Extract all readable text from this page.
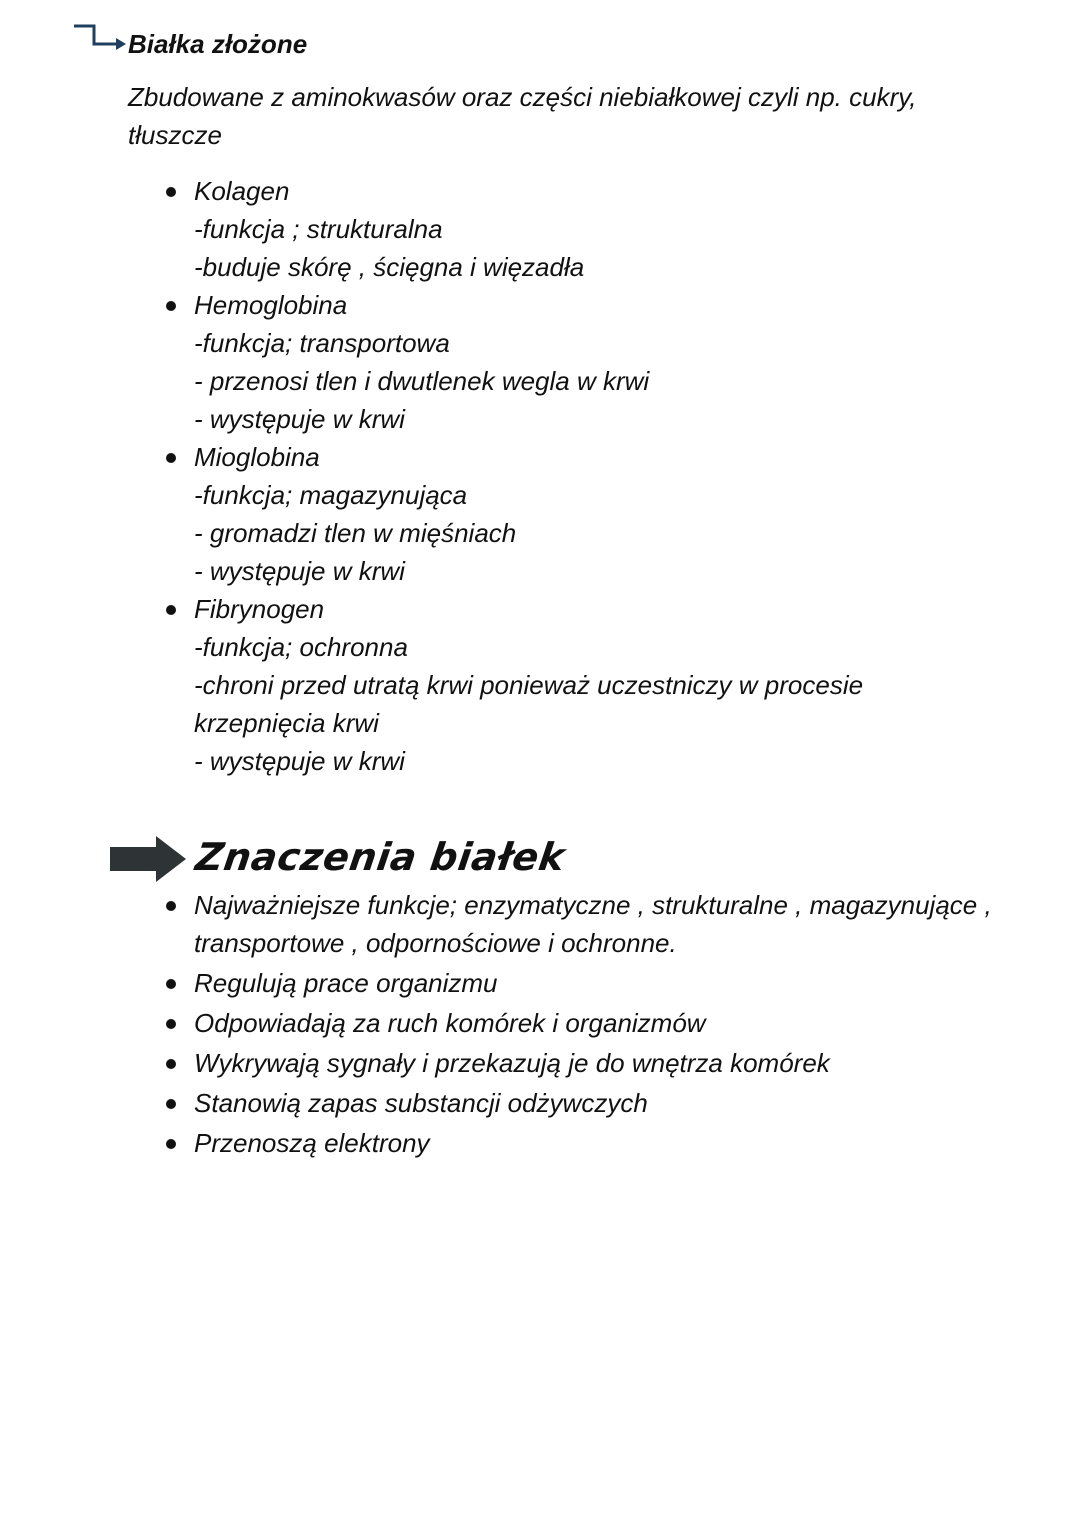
Białka złożone
Zbudowane z aminokwasów oraz części niebiałkowej czyli np. cukry, tłuszcze
Kolagen
-funkcja ; strukturalna
-buduje skórę , ścięgna i więzadła
Hemoglobina
-funkcja; transportowa
- przenosi tlen i dwutlenek wegla w krwi
- występuje w krwi
Mioglobina
-funkcja; magazynująca
- gromadzi tlen w mięśniach
- występuje w krwi
Fibrynogen
-funkcja; ochronna
-chroni przed utratą krwi ponieważ uczestniczy w procesie krzepnięcia krwi
- występuje w krwi
Znaczenia białek
Najważniejsze funkcje; enzymatyczne , strukturalne , magazynujące , transportowe , odpornościowe i ochronne.
Regulują prace organizmu
Odpowiadają za ruch komórek i organizmów
Wykrywają sygnały i przekazują je do wnętrza komórek
Stanowią zapas substancji odżywczych
Przenoszą elektrony
